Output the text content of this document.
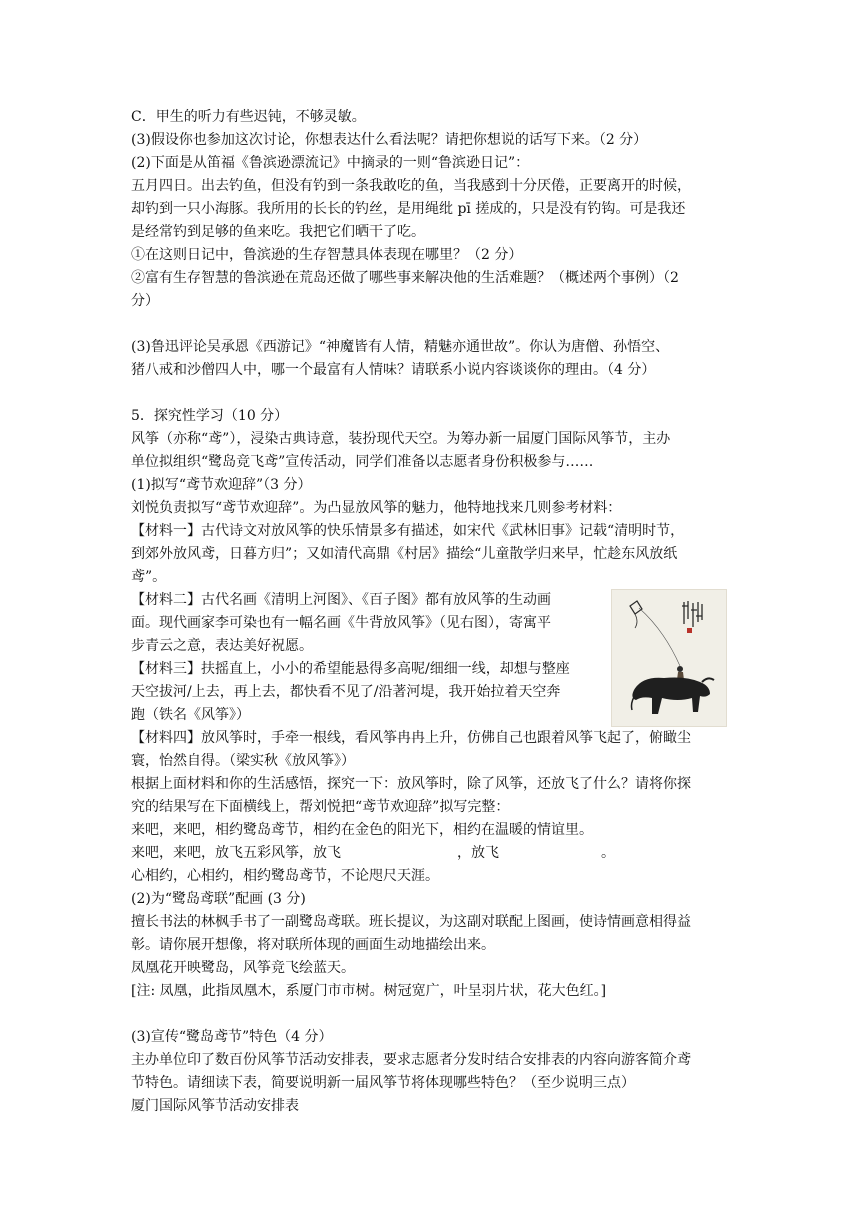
C．甲生的听力有些迟钝，不够灵敏。
(3)假设你也参加这次讨论，你想表达什么看法呢？请把你想说的话写下来。（2 分）
(2)下面是从笛福《鲁滨逊漂流记》中摘录的一则“鲁滨逊日记”：
五月四日。出去钓鱼，但没有钓到一条我敢吃的鱼，当我感到十分厌倦，正要离开的时候，
却钓到一只小海豚。我所用的长长的钓丝，是用绳纰 pī 搓成的，只是没有钓钩。可是我还
是经常钓到足够的鱼来吃。我把它们晒干了吃。
①在这则日记中，鲁滨逊的生存智慧具体表现在哪里？（2 分）
②富有生存智慧的鲁滨逊在荒岛还做了哪些事来解决他的生活难题？（概述两个事例）（2
分）
(3)鲁迅评论吴承恩《西游记》“神魔皆有人情，精魅亦通世故”。你认为唐僧、孙悟空、
猪八戒和沙僧四人中，哪一个最富有人情味？请联系小说内容谈谈你的理由。（4 分）
5．探究性学习（10 分）
风筝（亦称“鸢”），浸染古典诗意，装扮现代天空。为筹办新一届厦门国际风筝节，主办
单位拟组织“鹭岛竞飞鸢”宣传活动，同学们准备以志愿者身份积极参与……
(1)拟写“鸢节欢迎辞”（3 分）
刘悦负责拟写“鸢节欢迎辞”。为凸显放风筝的魅力，他特地找来几则参考材料：
【材料一】古代诗文对放风筝的快乐情景多有描述，如宋代《武林旧事》记载“清明时节，
到郊外放风鸢，日暮方归”；又如清代高鼎《村居》描绘“儿童散学归来早，忙趁东风放纸
鸢”。
【材料二】古代名画《清明上河图》、《百子图》都有放风筝的生动画
面。现代画家李可染也有一幅名画《牛背放风筝》（见右图），寄寓平
步青云之意，表达美好祝愿。
【材料三】扶摇直上，小小的希望能悬得多高呢/细细一线，却想与整座
天空拔河/上去，再上去，都快看不见了/沿著河堤，我开始拉着天空奔
跑（铁名《风筝》）
【材料四】放风筝时，手牵一根线，看风筝冉冉上升，仿佛自己也跟着风筝飞起了，俯瞰尘
寰，怡然自得。（梁实秋《放风筝》）
根据上面材料和你的生活感悟，探究一下：放风筝时，除了风筝，还放飞了什么？请将你探
究的结果写在下面横线上，帮刘悦把“鸢节欢迎辞”拟写完整：
来吧，来吧，相约鹭岛鸢节，相约在金色的阳光下，相约在温暖的情谊里。
来吧，来吧，放飞五彩风筝，放飞	，放飞	。
心相约，心相约，相约鹭岛鸢节，不论咫尺天涯。
(2)为“鹭岛鸢联”配画 (3 分)
擅长书法的林枫手书了一副鹭岛鸢联。班长提议，为这副对联配上图画，使诗情画意相得益
彰。请你展开想像，将对联所体现的画面生动地描绘出来。
凤凰花开映鹭岛，风筝竞飞绘蓝天。
[注: 凤凰，此指凤凰木，系厦门市市树。树冠宽广，叶呈羽片状，花大色红。]
(3)宣传“鹭岛鸢节”特色（4 分）
主办单位印了数百份风筝节活动安排表，要求志愿者分发时结合安排表的内容向游客简介鸢
节特色。请细读下表，简要说明新一届风筝节将体现哪些特色？（至少说明三点）
厦门国际风筝节活动安排表
